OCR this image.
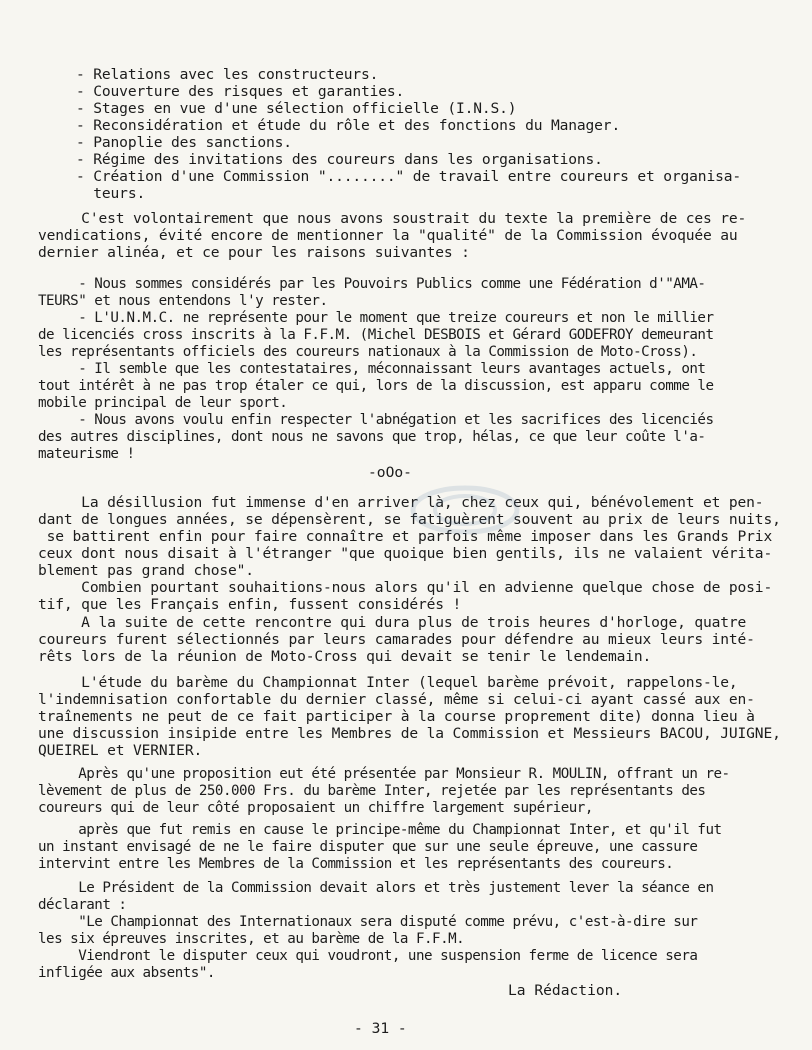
- Relations avec les constructeurs.
- Couverture des risques et garanties.
- Stages en vue d'une sélection officielle (I.N.S.)
- Reconsidération et étude du rôle et des fonctions du Manager.
- Panoplie des sanctions.
- Régime des invitations des coureurs dans les organisations.
- Création d'une Commission "........" de travail entre coureurs et organisa-
teurs.
C'est volontairement que nous avons soustrait du texte la première de ces re-
vendications, évité encore de mentionner la "qualité" de la Commission évoquée au
dernier alinéa, et ce pour les raisons suivantes :
- Nous sommes considérés par les Pouvoirs Publics comme une Fédération d'"AMA-
TEURS" et nous entendons l'y rester.
- L'U.N.M.C. ne représente pour le moment que treize coureurs et non le millier
de licenciés cross inscrits à la F.F.M. (Michel DESBOIS et Gérard GODEFROY demeurant
les représentants officiels des coureurs nationaux à la Commission de Moto-Cross).
- Il semble que les contestataires, méconnaissant leurs avantages actuels, ont
tout intérêt à ne pas trop étaler ce qui, lors de la discussion, est apparu comme le
mobile principal de leur sport.
- Nous avons voulu enfin respecter l'abnégation et les sacrifices des licenciés
des autres disciplines, dont nous ne savons que trop, hélas, ce que leur coûte l'a-
mateurisme !
-oOo-
La désillusion fut immense d'en arriver là, chez ceux qui, bénévolement et pen-
dant de longues années, se dépensèrent, se fatiguèrent souvent au prix de leurs nuits,
se battirent enfin pour faire connaître et parfois même imposer dans les Grands Prix
ceux dont nous disait à l'étranger "que quoique bien gentils, ils ne valaient vérita-
blement pas grand chose".
Combien pourtant souhaitions-nous alors qu'il en advienne quelque chose de posi-
tif, que les Français enfin, fussent considérés !
A la suite de cette rencontre qui dura plus de trois heures d'horloge, quatre
coureurs furent sélectionnés par leurs camarades pour défendre au mieux leurs inté-
rêts lors de la réunion de Moto-Cross qui devait se tenir le lendemain.
L'étude du barème du Championnat Inter (lequel barème prévoit, rappelons-le,
l'indemnisation confortable du dernier classé, même si celui-ci ayant cassé aux en-
traînements ne peut de ce fait participer à la course proprement dite) donna lieu à
une discussion insipide entre les Membres de la Commission et Messieurs BACOU, JUIGNE,
QUEIREL et VERNIER.
Après qu'une proposition eut été présentée par Monsieur R. MOULIN, offrant un re-
lèvement de plus de 250.000 Frs. du barème Inter, rejetée par les représentants des
coureurs qui de leur côté proposaient un chiffre largement supérieur,
après que fut remis en cause le principe-même du Championnat Inter, et qu'il fut
un instant envisagé de ne le faire disputer que sur une seule épreuve, une cassure
intervint entre les Membres de la Commission et les représentants des coureurs.
Le Président de la Commission devait alors et très justement lever la séance en
déclarant :
"Le Championnat des Internationaux sera disputé comme prévu, c'est-à-dire sur
les six épreuves inscrites, et au barème de la F.F.M.
Viendront le disputer ceux qui voudront, une suspension ferme de licence sera
infligée aux absents".
La Rédaction.
- 31 -
